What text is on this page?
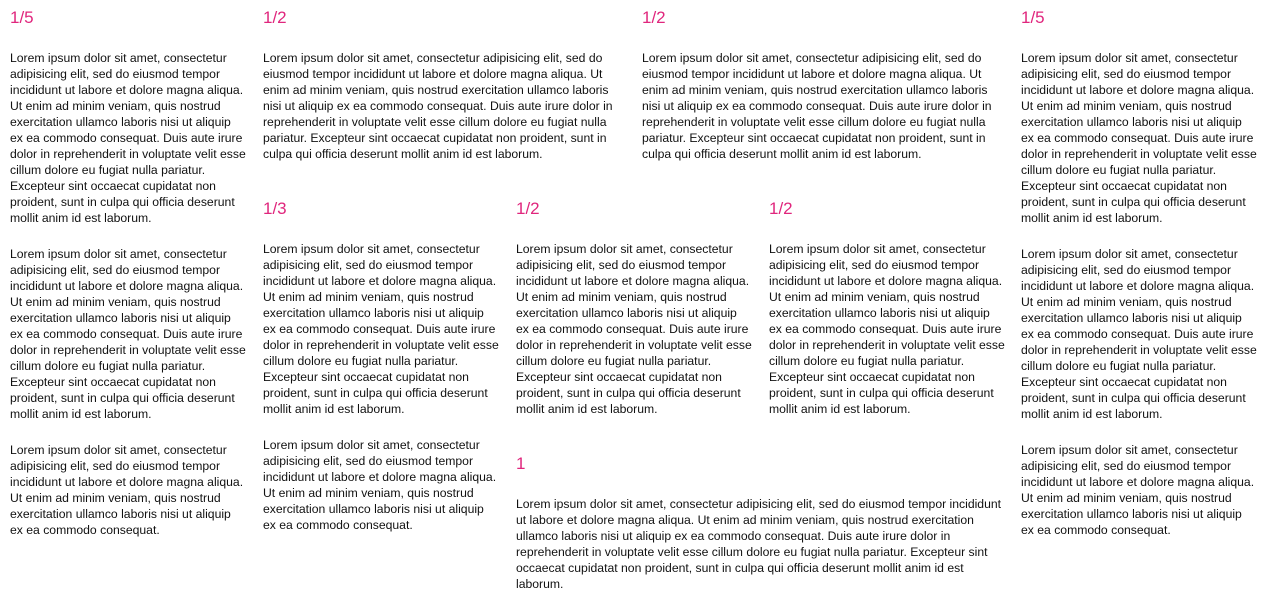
1/5

Lorem ipsum dolor sit amet, consectetur adipisicing elit, sed do eiusmod tempor incididunt ut labore et dolore magna aliqua. Ut enim ad minim veniam, quis nostrud exercitation ullamco laboris nisi ut aliquip ex ea commodo consequat. Duis aute irure dolor in reprehenderit in voluptate velit esse cillum dolore eu fugiat nulla pariatur. Excepteur sint occaecat cupidatat non proident, sunt in culpa qui officia deserunt mollit anim id est laborum.

Lorem ipsum dolor sit amet, consectetur adipisicing elit, sed do eiusmod tempor incididunt ut labore et dolore magna aliqua. Ut enim ad minim veniam, quis nostrud exercitation ullamco laboris nisi ut aliquip ex ea commodo consequat. Duis aute irure dolor in reprehenderit in voluptate velit esse cillum dolore eu fugiat nulla pariatur. Excepteur sint occaecat cupidatat non proident, sunt in culpa qui officia deserunt mollit anim id est laborum.

Lorem ipsum dolor sit amet, consectetur adipisicing elit, sed do eiusmod tempor incididunt ut labore et dolore magna aliqua. Ut enim ad minim veniam, quis nostrud exercitation ullamco laboris nisi ut aliquip ex ea commodo consequat.

1/2

Lorem ipsum dolor sit amet, consectetur adipisicing elit, sed do eiusmod tempor incididunt ut labore et dolore magna aliqua. Ut enim ad minim veniam, quis nostrud exercitation ullamco laboris nisi ut aliquip ex ea commodo consequat. Duis aute irure dolor in reprehenderit in voluptate velit esse cillum dolore eu fugiat nulla pariatur. Excepteur sint occaecat cupidatat non proident, sunt in culpa qui officia deserunt mollit anim id est laborum.

1/2

Lorem ipsum dolor sit amet, consectetur adipisicing elit, sed do eiusmod tempor incididunt ut labore et dolore magna aliqua. Ut enim ad minim veniam, quis nostrud exercitation ullamco laboris nisi ut aliquip ex ea commodo consequat. Duis aute irure dolor in reprehenderit in voluptate velit esse cillum dolore eu fugiat nulla pariatur. Excepteur sint occaecat cupidatat non proident, sunt in culpa qui officia deserunt mollit anim id est laborum.

1/3

Lorem ipsum dolor sit amet, consectetur adipisicing elit, sed do eiusmod tempor incididunt ut labore et dolore magna aliqua. Ut enim ad minim veniam, quis nostrud exercitation ullamco laboris nisi ut aliquip ex ea commodo consequat. Duis aute irure dolor in reprehenderit in voluptate velit esse cillum dolore eu fugiat nulla pariatur. Excepteur sint occaecat cupidatat non proident, sunt in culpa qui officia deserunt mollit anim id est laborum.

Lorem ipsum dolor sit amet, consectetur adipisicing elit, sed do eiusmod tempor incididunt ut labore et dolore magna aliqua. Ut enim ad minim veniam, quis nostrud exercitation ullamco laboris nisi ut aliquip ex ea commodo consequat.

1/2

Lorem ipsum dolor sit amet, consectetur adipisicing elit, sed do eiusmod tempor incididunt ut labore et dolore magna aliqua. Ut enim ad minim veniam, quis nostrud exercitation ullamco laboris nisi ut aliquip ex ea commodo consequat. Duis aute irure dolor in reprehenderit in voluptate velit esse cillum dolore eu fugiat nulla pariatur. Excepteur sint occaecat cupidatat non proident, sunt in culpa qui officia deserunt mollit anim id est laborum.

1/2

Lorem ipsum dolor sit amet, consectetur adipisicing elit, sed do eiusmod tempor incididunt ut labore et dolore magna aliqua. Ut enim ad minim veniam, quis nostrud exercitation ullamco laboris nisi ut aliquip ex ea commodo consequat. Duis aute irure dolor in reprehenderit in voluptate velit esse cillum dolore eu fugiat nulla pariatur. Excepteur sint occaecat cupidatat non proident, sunt in culpa qui officia deserunt mollit anim id est laborum.

1

Lorem ipsum dolor sit amet, consectetur adipisicing elit, sed do eiusmod tempor incididunt ut labore et dolore magna aliqua. Ut enim ad minim veniam, quis nostrud exercitation ullamco laboris nisi ut aliquip ex ea commodo consequat. Duis aute irure dolor in reprehenderit in voluptate velit esse cillum dolore eu fugiat nulla pariatur. Excepteur sint occaecat cupidatat non proident, sunt in culpa qui officia deserunt mollit anim id est laborum.

1/5

Lorem ipsum dolor sit amet, consectetur adipisicing elit, sed do eiusmod tempor incididunt ut labore et dolore magna aliqua. Ut enim ad minim veniam, quis nostrud exercitation ullamco laboris nisi ut aliquip ex ea commodo consequat. Duis aute irure dolor in reprehenderit in voluptate velit esse cillum dolore eu fugiat nulla pariatur. Excepteur sint occaecat cupidatat non proident, sunt in culpa qui officia deserunt mollit anim id est laborum.

Lorem ipsum dolor sit amet, consectetur adipisicing elit, sed do eiusmod tempor incididunt ut labore et dolore magna aliqua. Ut enim ad minim veniam, quis nostrud exercitation ullamco laboris nisi ut aliquip ex ea commodo consequat. Duis aute irure dolor in reprehenderit in voluptate velit esse cillum dolore eu fugiat nulla pariatur. Excepteur sint occaecat cupidatat non proident, sunt in culpa qui officia deserunt mollit anim id est laborum.

Lorem ipsum dolor sit amet, consectetur adipisicing elit, sed do eiusmod tempor incididunt ut labore et dolore magna aliqua. Ut enim ad minim veniam, quis nostrud exercitation ullamco laboris nisi ut aliquip ex ea commodo consequat.
